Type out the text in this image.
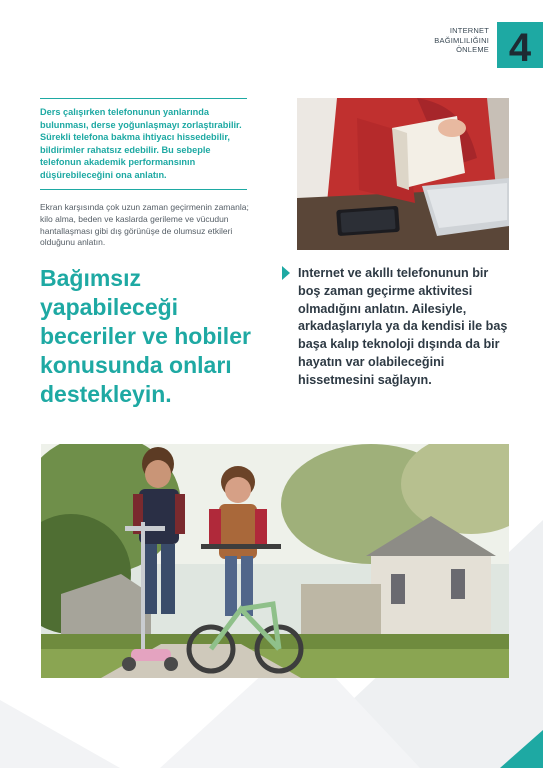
INTERNET
BAĞIMLILIĞINI
ÖNLEME 4

Ders çalışırken telefonunun yanlarında bulunması, derse yoğunlaşmayı zorlaştırabilir. Sürekli telefona bakma ihtiyacı hissedebilir, bildirimler rahatsız edebilir. Bu sebeple telefonun akademik performansının düşürebileceğini ona anlatın.

Ekran karşısında çok uzun zaman geçirmenin zamanla; kilo alma, beden ve kaslarda gerileme ve vücudun hantallaşması gibi dış görünüşe de olumsuz etkileri olduğunu anlatın.

Bağımsız yapabileceği beceriler ve hobiler konusunda onları destekleyin.

Internet ve akıllı telefonunun bir boş zaman geçirme aktivitesi olmadığını anlatın. Ailesiyle, arkadaşlarıyla ya da kendisi ile baş başa kalıp teknoloji dışında da bir hayatın var olabileceğini hissetmesini sağlayın.
